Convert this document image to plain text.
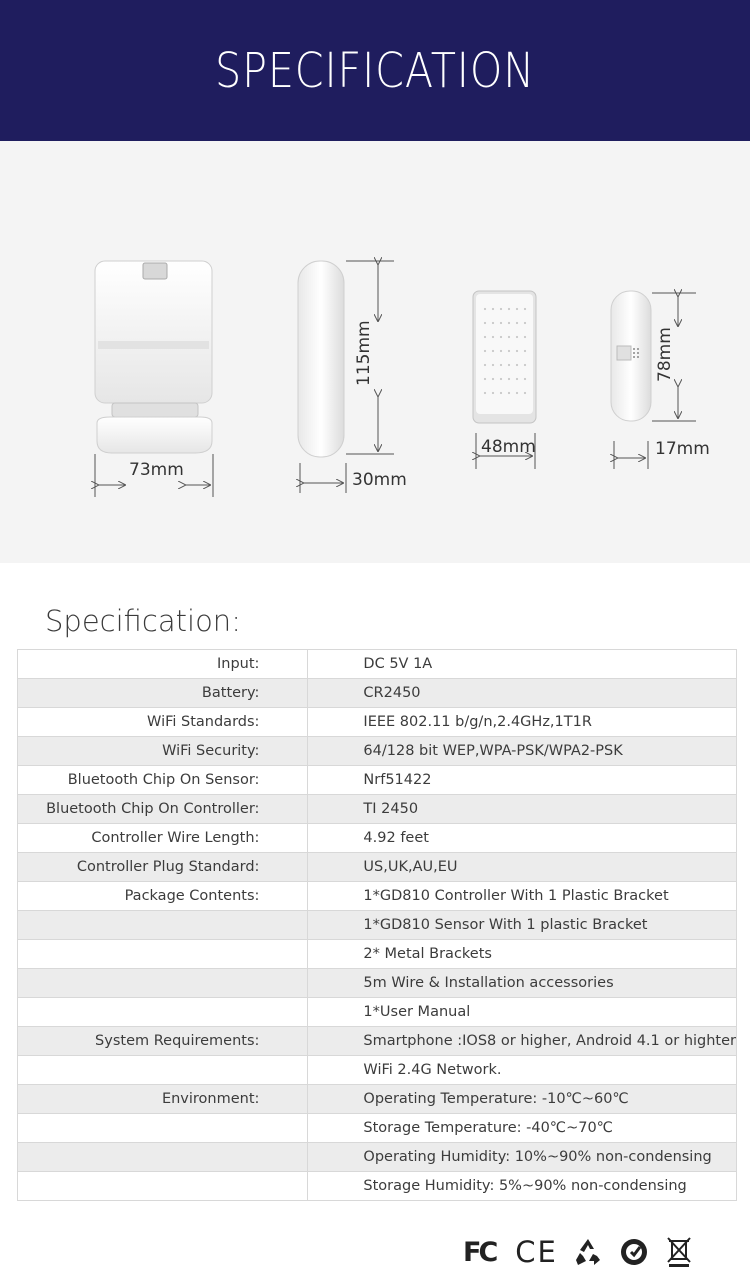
SPECIFICATION
73mm
115mm
30mm
48mm
78mm
17mm
Specification:
Input:	DC 5V 1A
Battery:	CR2450
WiFi Standards:	IEEE 802.11 b/g/n,2.4GHz,1T1R
WiFi Security:	64/128 bit WEP,WPA-PSK/WPA2-PSK
Bluetooth Chip On Sensor:	Nrf51422
Bluetooth Chip On Controller:	TI 2450
Controller Wire Length:	4.92 feet
Controller Plug Standard:	US,UK,AU,EU
Package Contents:	1*GD810 Controller With 1 Plastic Bracket
	1*GD810 Sensor With 1 plastic Bracket
	2* Metal Brackets
	5m Wire & Installation accessories
	1*User Manual
System Requirements:	Smartphone :IOS8 or higher, Android 4.1 or highter
	WiFi 2.4G Network.
Environment:	Operating Temperature: -10℃~60℃
	Storage Temperature: -40℃~70℃
	Operating Humidity: 10%~90% non-condensing
	Storage Humidity: 5%~90% non-condensing
FC CE
